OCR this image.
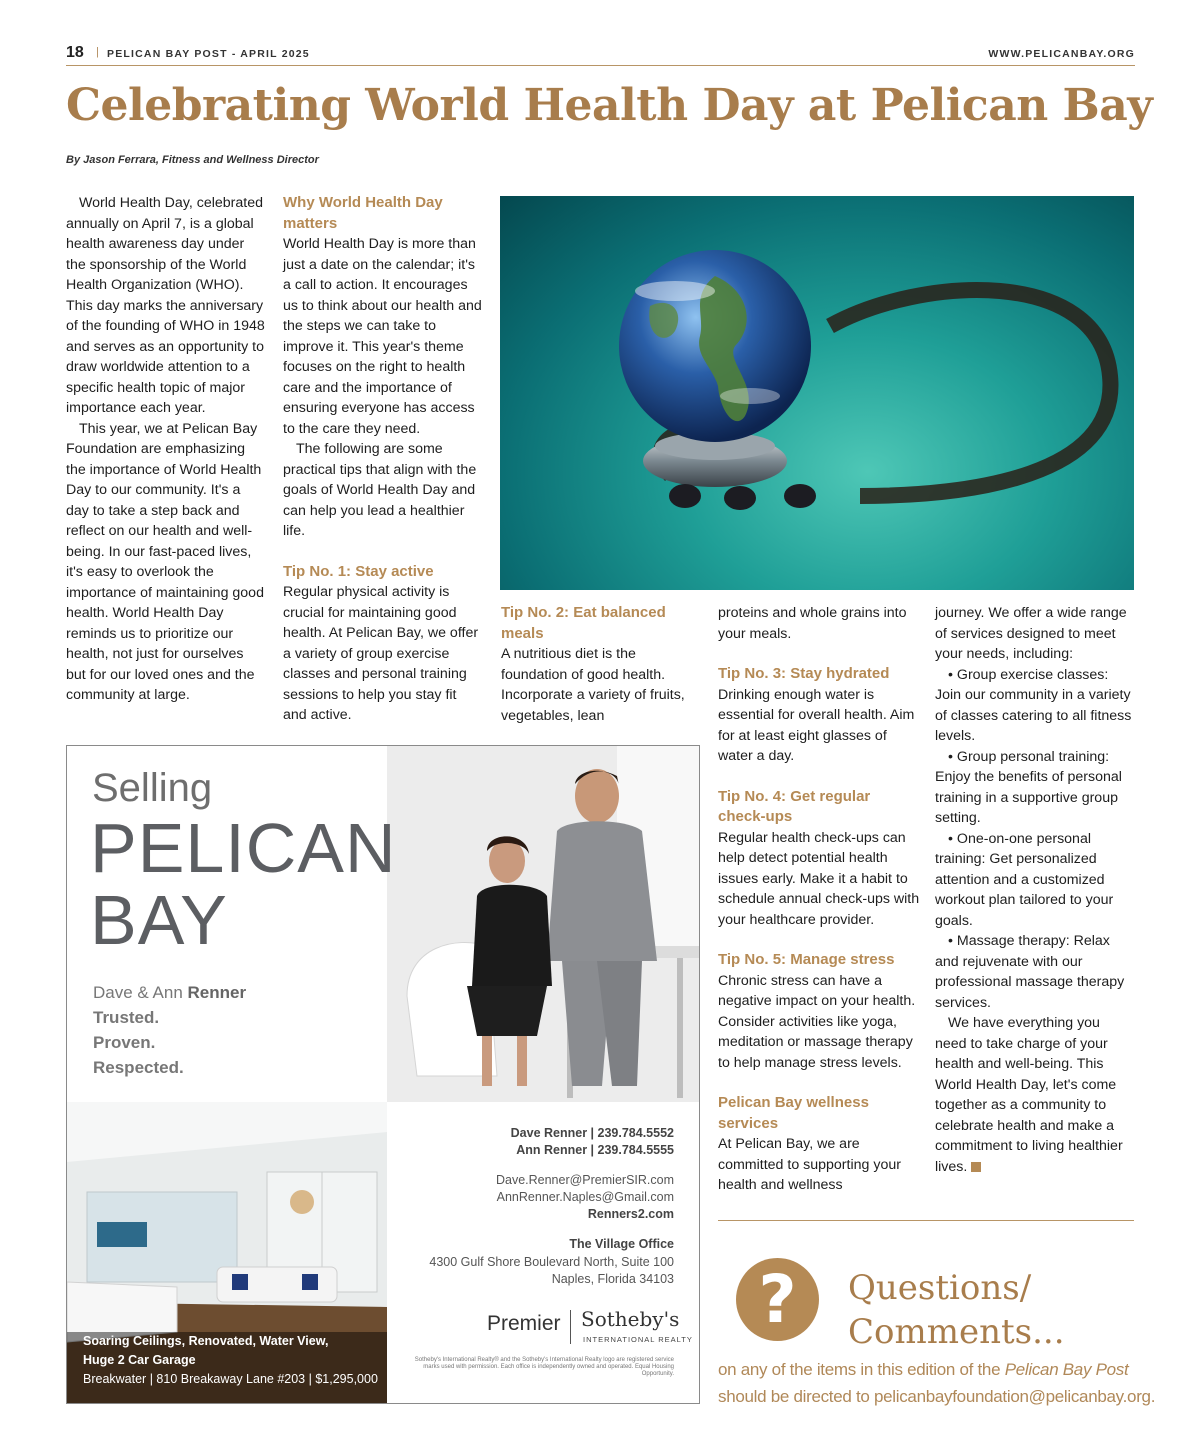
18 | PELICAN BAY POST - APRIL 2025	WWW.PELICANBAY.ORG
Celebrating World Health Day at Pelican Bay
By Jason Ferrara, Fitness and Wellness Director

World Health Day, celebrated annually on April 7, is a global health awareness day under the sponsorship of the World Health Organization (WHO). This day marks the anniversary of the founding of WHO in 1948 and serves as an opportunity to draw worldwide attention to a specific health topic of major importance each year.

This year, we at Pelican Bay Foundation are emphasizing the importance of World Health Day to our community. It's a day to take a step back and reflect on our health and well-being. In our fast-paced lives, it's easy to overlook the importance of maintaining good health. World Health Day reminds us to prioritize our health, not just for ourselves but for our loved ones and the community at large.

Why World Health Day matters

World Health Day is more than just a date on the calendar; it's a call to action. It encourages us to think about our health and the steps we can take to improve it. This year's theme focuses on the right to health care and the importance of ensuring everyone has access to the care they need.

The following are some practical tips that align with the goals of World Health Day and can help you lead a healthier life.

Tip No. 1: Stay active

Regular physical activity is crucial for maintaining good health. At Pelican Bay, we offer a variety of group exercise classes and personal training sessions to help you stay fit and active.

Tip No. 2: Eat balanced meals

A nutritious diet is the foundation of good health. Incorporate a variety of fruits, vegetables, lean

proteins and whole grains into your meals.

Tip No. 3: Stay hydrated

Drinking enough water is essential for overall health. Aim for at least eight glasses of water a day.

Tip No. 4: Get regular check-ups

Regular health check-ups can help detect potential health issues early. Make it a habit to schedule annual check-ups with your healthcare provider.

Tip No. 5: Manage stress

Chronic stress can have a negative impact on your health. Consider activities like yoga, meditation or massage therapy to help manage stress levels.

Pelican Bay wellness services

At Pelican Bay, we are committed to supporting your health and wellness

journey. We offer a wide range of services designed to meet your needs, including:

• Group exercise classes: Join our community in a variety of classes catering to all fitness levels.

• Group personal training: Enjoy the benefits of personal training in a supportive group setting.

• One-on-one personal training: Get personalized attention and a customized workout plan tailored to your goals.

• Massage therapy: Relax and rejuvenate with our professional massage therapy services.

We have everything you need to take charge of your health and well-being. This World Health Day, let's come together as a community to celebrate health and make a commitment to living healthier lives.

Selling
PELICAN
BAY
Dave & Ann Renner
Trusted.
Proven.
Respected.
Soaring Ceilings, Renovated, Water View,
Huge 2 Car Garage
Breakwater | 810 Breakaway Lane #203 | $1,295,000
Dave Renner | 239.784.5552
Ann Renner | 239.784.5555
Dave.Renner@PremierSIR.com
AnnRenner.Naples@Gmail.com
Renners2.com
The Village Office
4300 Gulf Shore Boulevard North, Suite 100
Naples, Florida 34103
Premier Sotheby's
INTERNATIONAL REALTY
Sotheby's International Realty® and the Sotheby's International Realty logo are registered service marks used with permission. Each office is independently owned and operated. Equal Housing Opportunity.
?	Questions/
Comments...
on any of the items in this edition of the Pelican Bay Post
should be directed to pelicanbayfoundation@pelicanbay.org.
